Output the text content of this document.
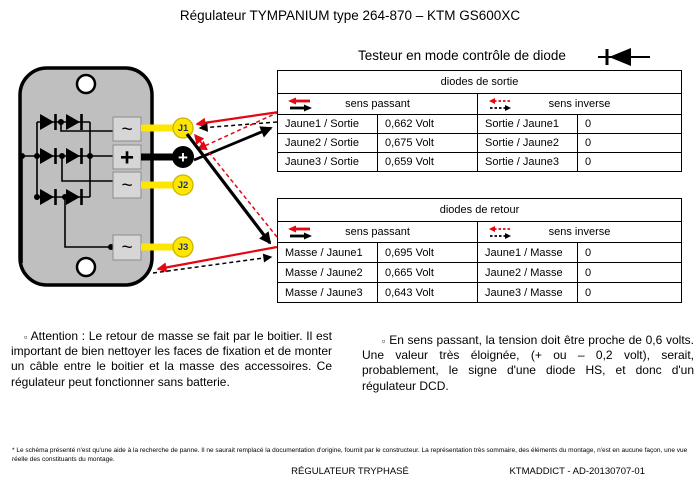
~
+
~
~
J1
J2
J3
+
Régulateur TYMPANIUM type 264-870 – KTM GS600XC
Testeur en mode contrôle de diode
diodes de sortie			

sens passant		sens inverse	
Jaune1 / Sortie	0,662 Volt	Sortie / Jaune1	0
Jaune2 / Sortie	0,675 Volt	Sortie / Jaune2	0
Jaune3 / Sortie	0,659 Volt	Sortie / Jaune3	0
diodes de retour			

sens passant		sens inverse	
Masse / Jaune1	0,695 Volt	Jaune1 / Masse	0
Masse / Jaune2	0,665 Volt	Jaune2 / Masse	0
Masse / Jaune3	0,643 Volt	Jaune3 / Masse	0
▫ Attention : Le retour de masse se fait par le boitier. Il est important de bien nettoyer les faces de fixation et de monter un câble entre le boitier et la masse des accessoires. Ce régulateur peut fonctionner sans batterie.
▫ En sens passant, la tension doit être proche de 0,6 volts. Une valeur très éloignée, (+ ou – 0,2 volt), serait, probablement, le signe d'une diode HS, et donc d'un régulateur DCD.
* Le schéma présenté n'est qu'une aide à la recherche de panne. Il ne saurait remplacé la documentation d'origine, fournit par le constructeur. La représentation très sommaire, des éléments du montage, n'est en aucune façon, une vue réelle des constituants du montage.
RÉGULATEUR TRYPHASÉ	KTMADDICT - AD-20130707-01
